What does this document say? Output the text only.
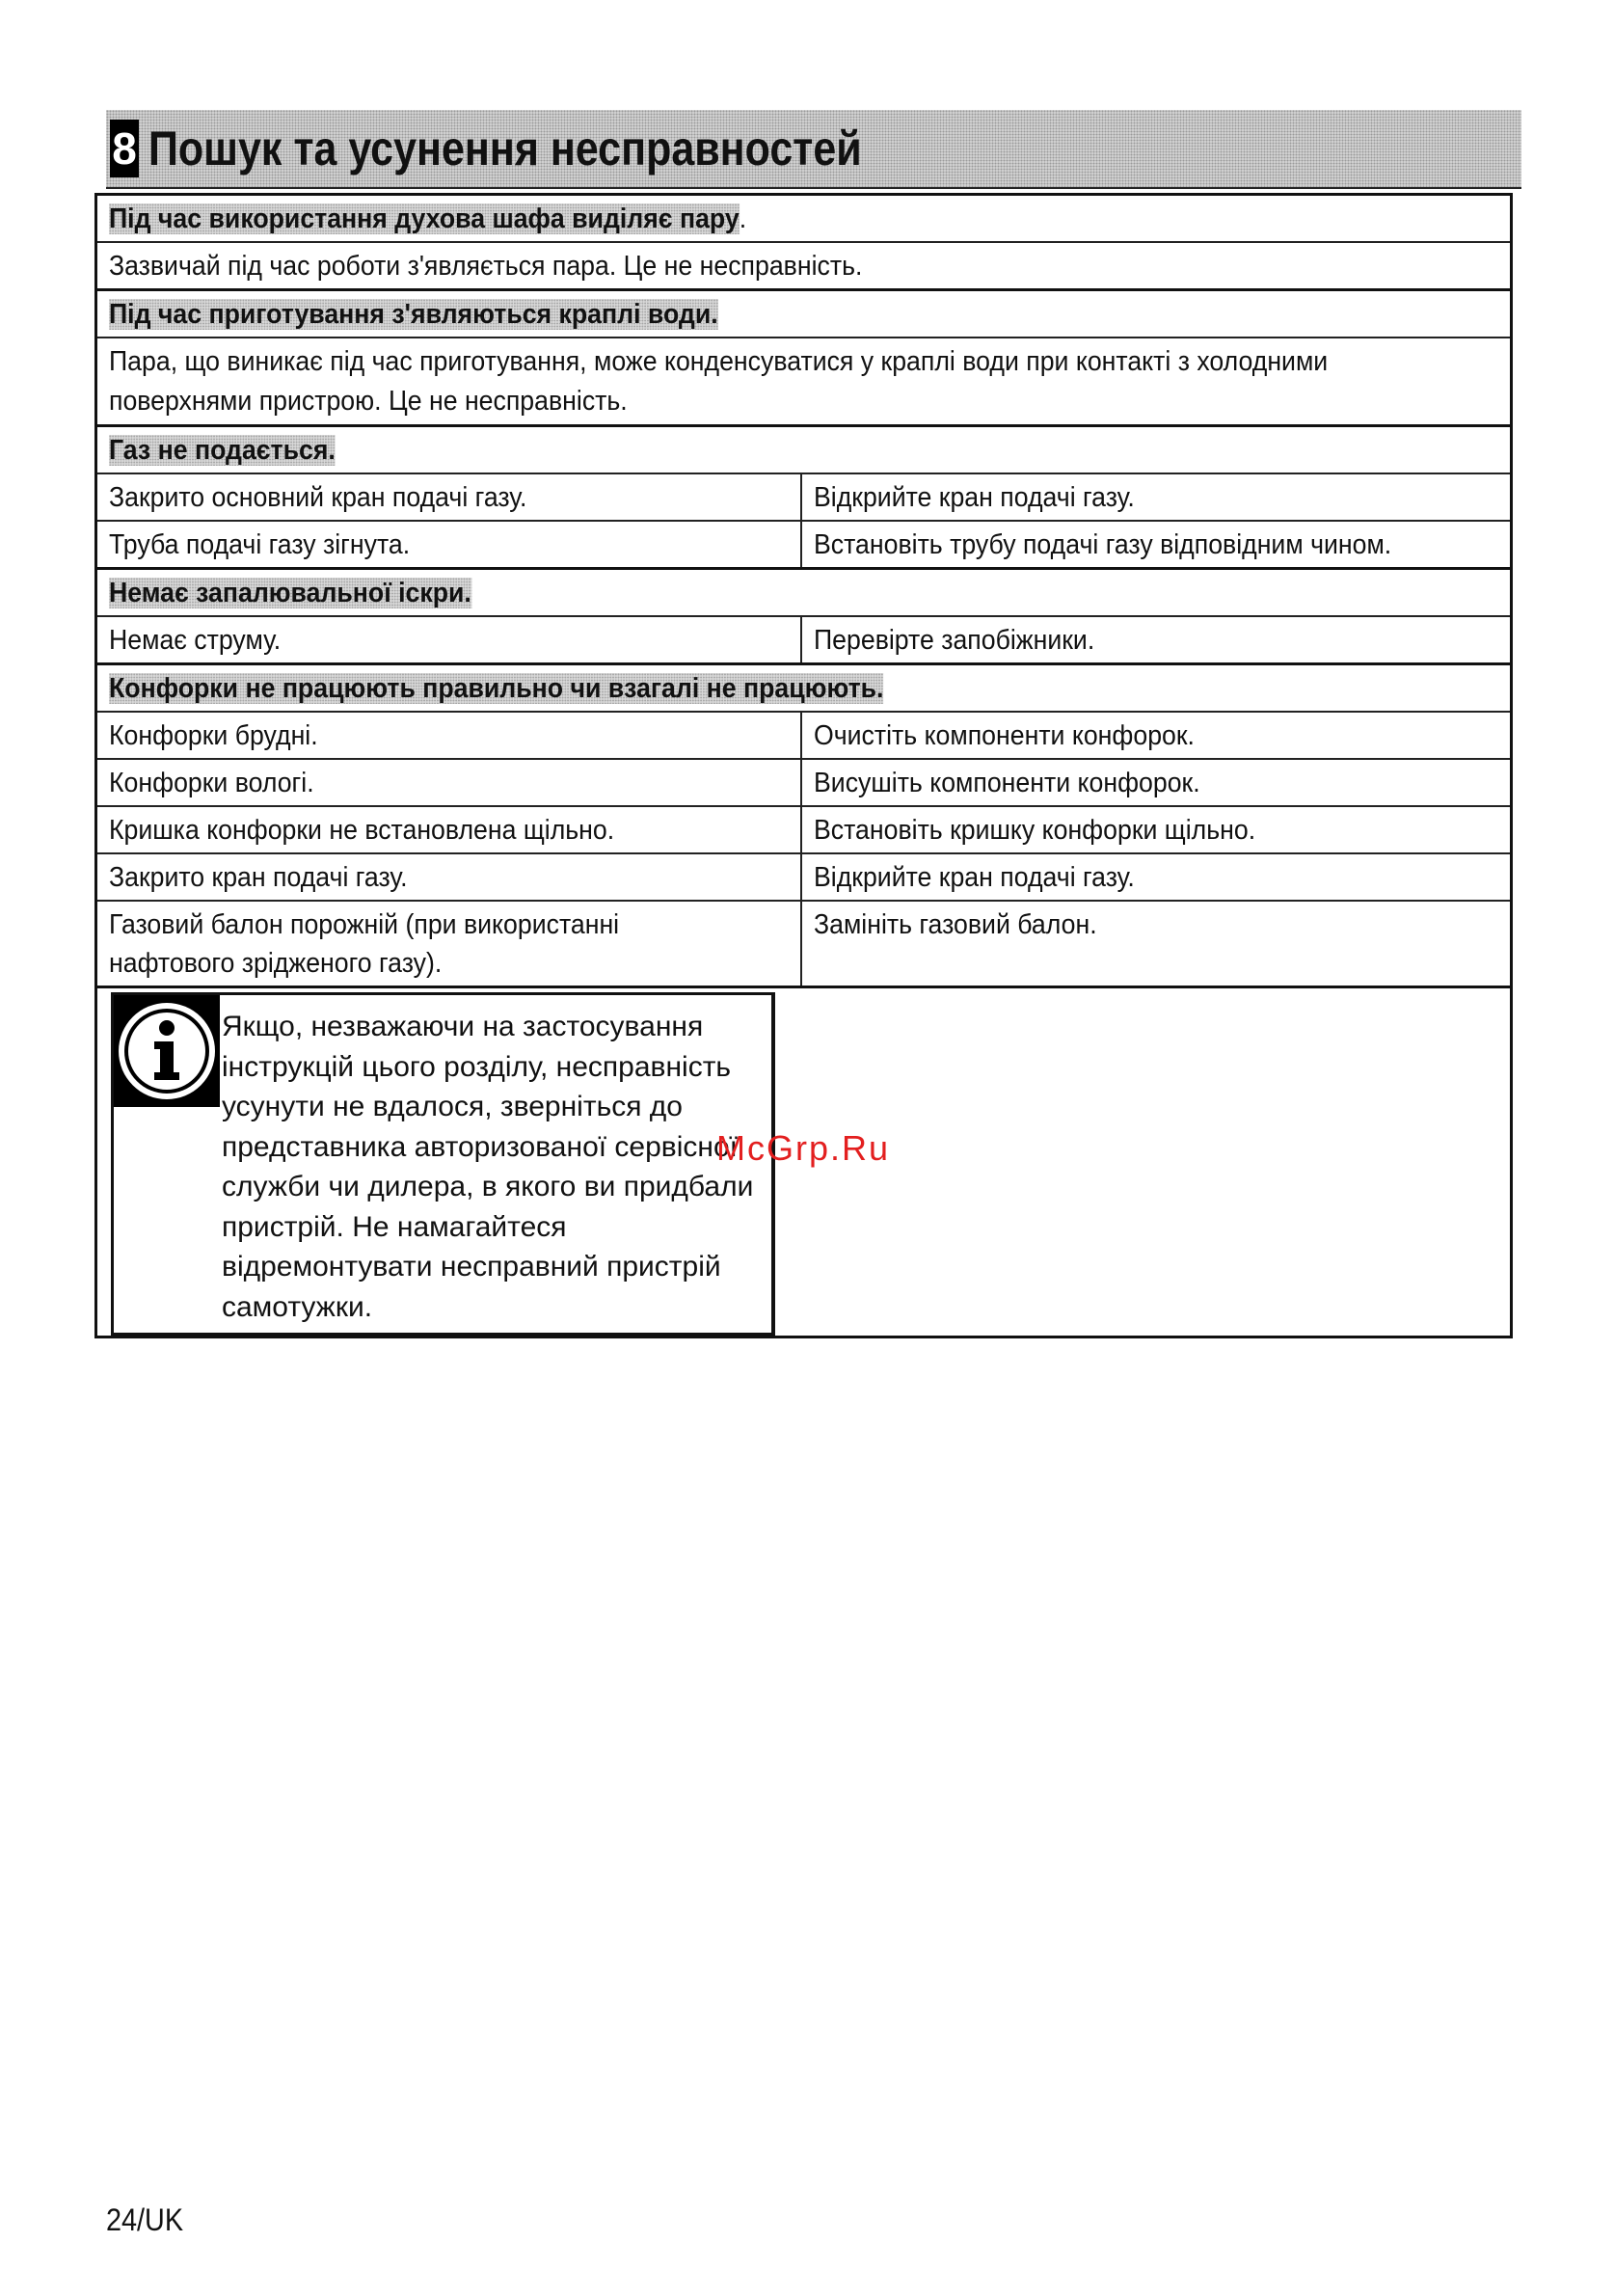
8 Пошук та усунення несправностей
Під час використання духова шафа виділяє пару.	
Зазвичай під час роботи з'являється пара. Це не несправність.	
Під час приготування з'являються краплі води.	

Пара, що виникає під час приготування, може конденсуватися у краплі води при контакті з холодними поверхнями пристрою. Це не несправність.	

Газ не подається.	
Закрито основний кран подачі газу.	Відкрийте кран подачі газу.
Труба подачі газу зігнута.	Встановіть трубу подачі газу відповідним чином.
Немає запалювальної іскри.	
Немає струму.	Перевірте запобіжники.
Конфорки не працюють правильно чи взагалі не працюють.	
Конфорки брудні.	Очистіть компоненти конфорок.
Конфорки вологі.	Висушіть компоненти конфорок.
Кришка конфорки не встановлена щільно.	Встановіть кришку конфорки щільно.
Закрито кран подачі газу.	Відкрийте кран подачі газу.

Газовий балон порожній (при використанні нафтового зрідженого газу).	Замініть газовий балон.

Якщо, незважаючи на застосування інструкцій цього розділу, несправність усунути не вдалося, зверніться до представника авторизованої сервісної служби чи дилера, в якого ви придбали пристрій. Не намагайтеся відремонтувати несправний пристрій самотужки.	
McGrp.Ru
24/UK
